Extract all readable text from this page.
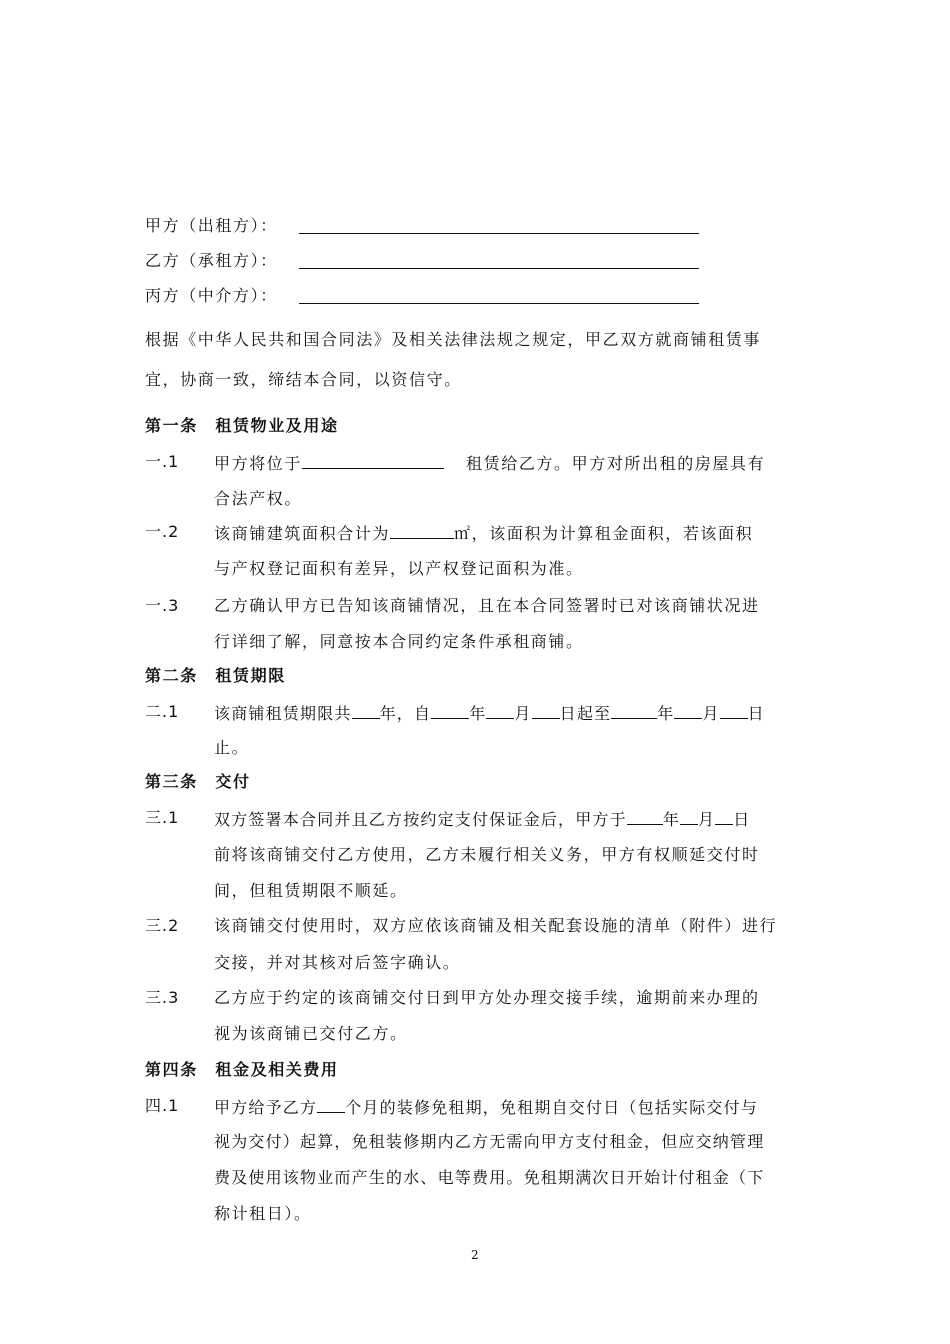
甲方（出租方）：
乙方（承租方）：
丙方（中介方）：
根据《中华人民共和国合同法》及相关法律法规之规定，甲乙双方就商铺租赁事
宜，协商一致，缔结本合同，以资信守。
第一条　租赁物业及用途
一.1 甲方将位于	租赁给乙方。甲方对所出租的房屋具有
合法产权。
一.2 该商铺建筑面积合计为	㎡，该面积为计算租金面积，若该面积
与产权登记面积有差异，以产权登记面积为准。
一.3 乙方确认甲方已告知该商铺情况，且在本合同签署时已对该商铺状况进
行详细了解，同意按本合同约定条件承租商铺。
第二条　租赁期限
二.1 该商铺租赁期限共 年，自 年 月 日起至	年 月 日
止。
第三条　交付
三.1 双方签署本合同并且乙方按约定支付保证金后，甲方于 年 月 日
前将该商铺交付乙方使用，乙方未履行相关义务，甲方有权顺延交付时
间，但租赁期限不顺延。
三.2 该商铺交付使用时，双方应依该商铺及相关配套设施的清单（附件）进行
交接，并对其核对后签字确认。
三.3 乙方应于约定的该商铺交付日到甲方处办理交接手续，逾期前来办理的
视为该商铺已交付乙方。
第四条　租金及相关费用
四.1 甲方给予乙方 个月的装修免租期，免租期自交付日（包括实际交付与
视为交付）起算，免租装修期内乙方无需向甲方支付租金，但应交纳管理
费及使用该物业而产生的水、电等费用。免租期满次日开始计付租金（下
称计租日）。
2
